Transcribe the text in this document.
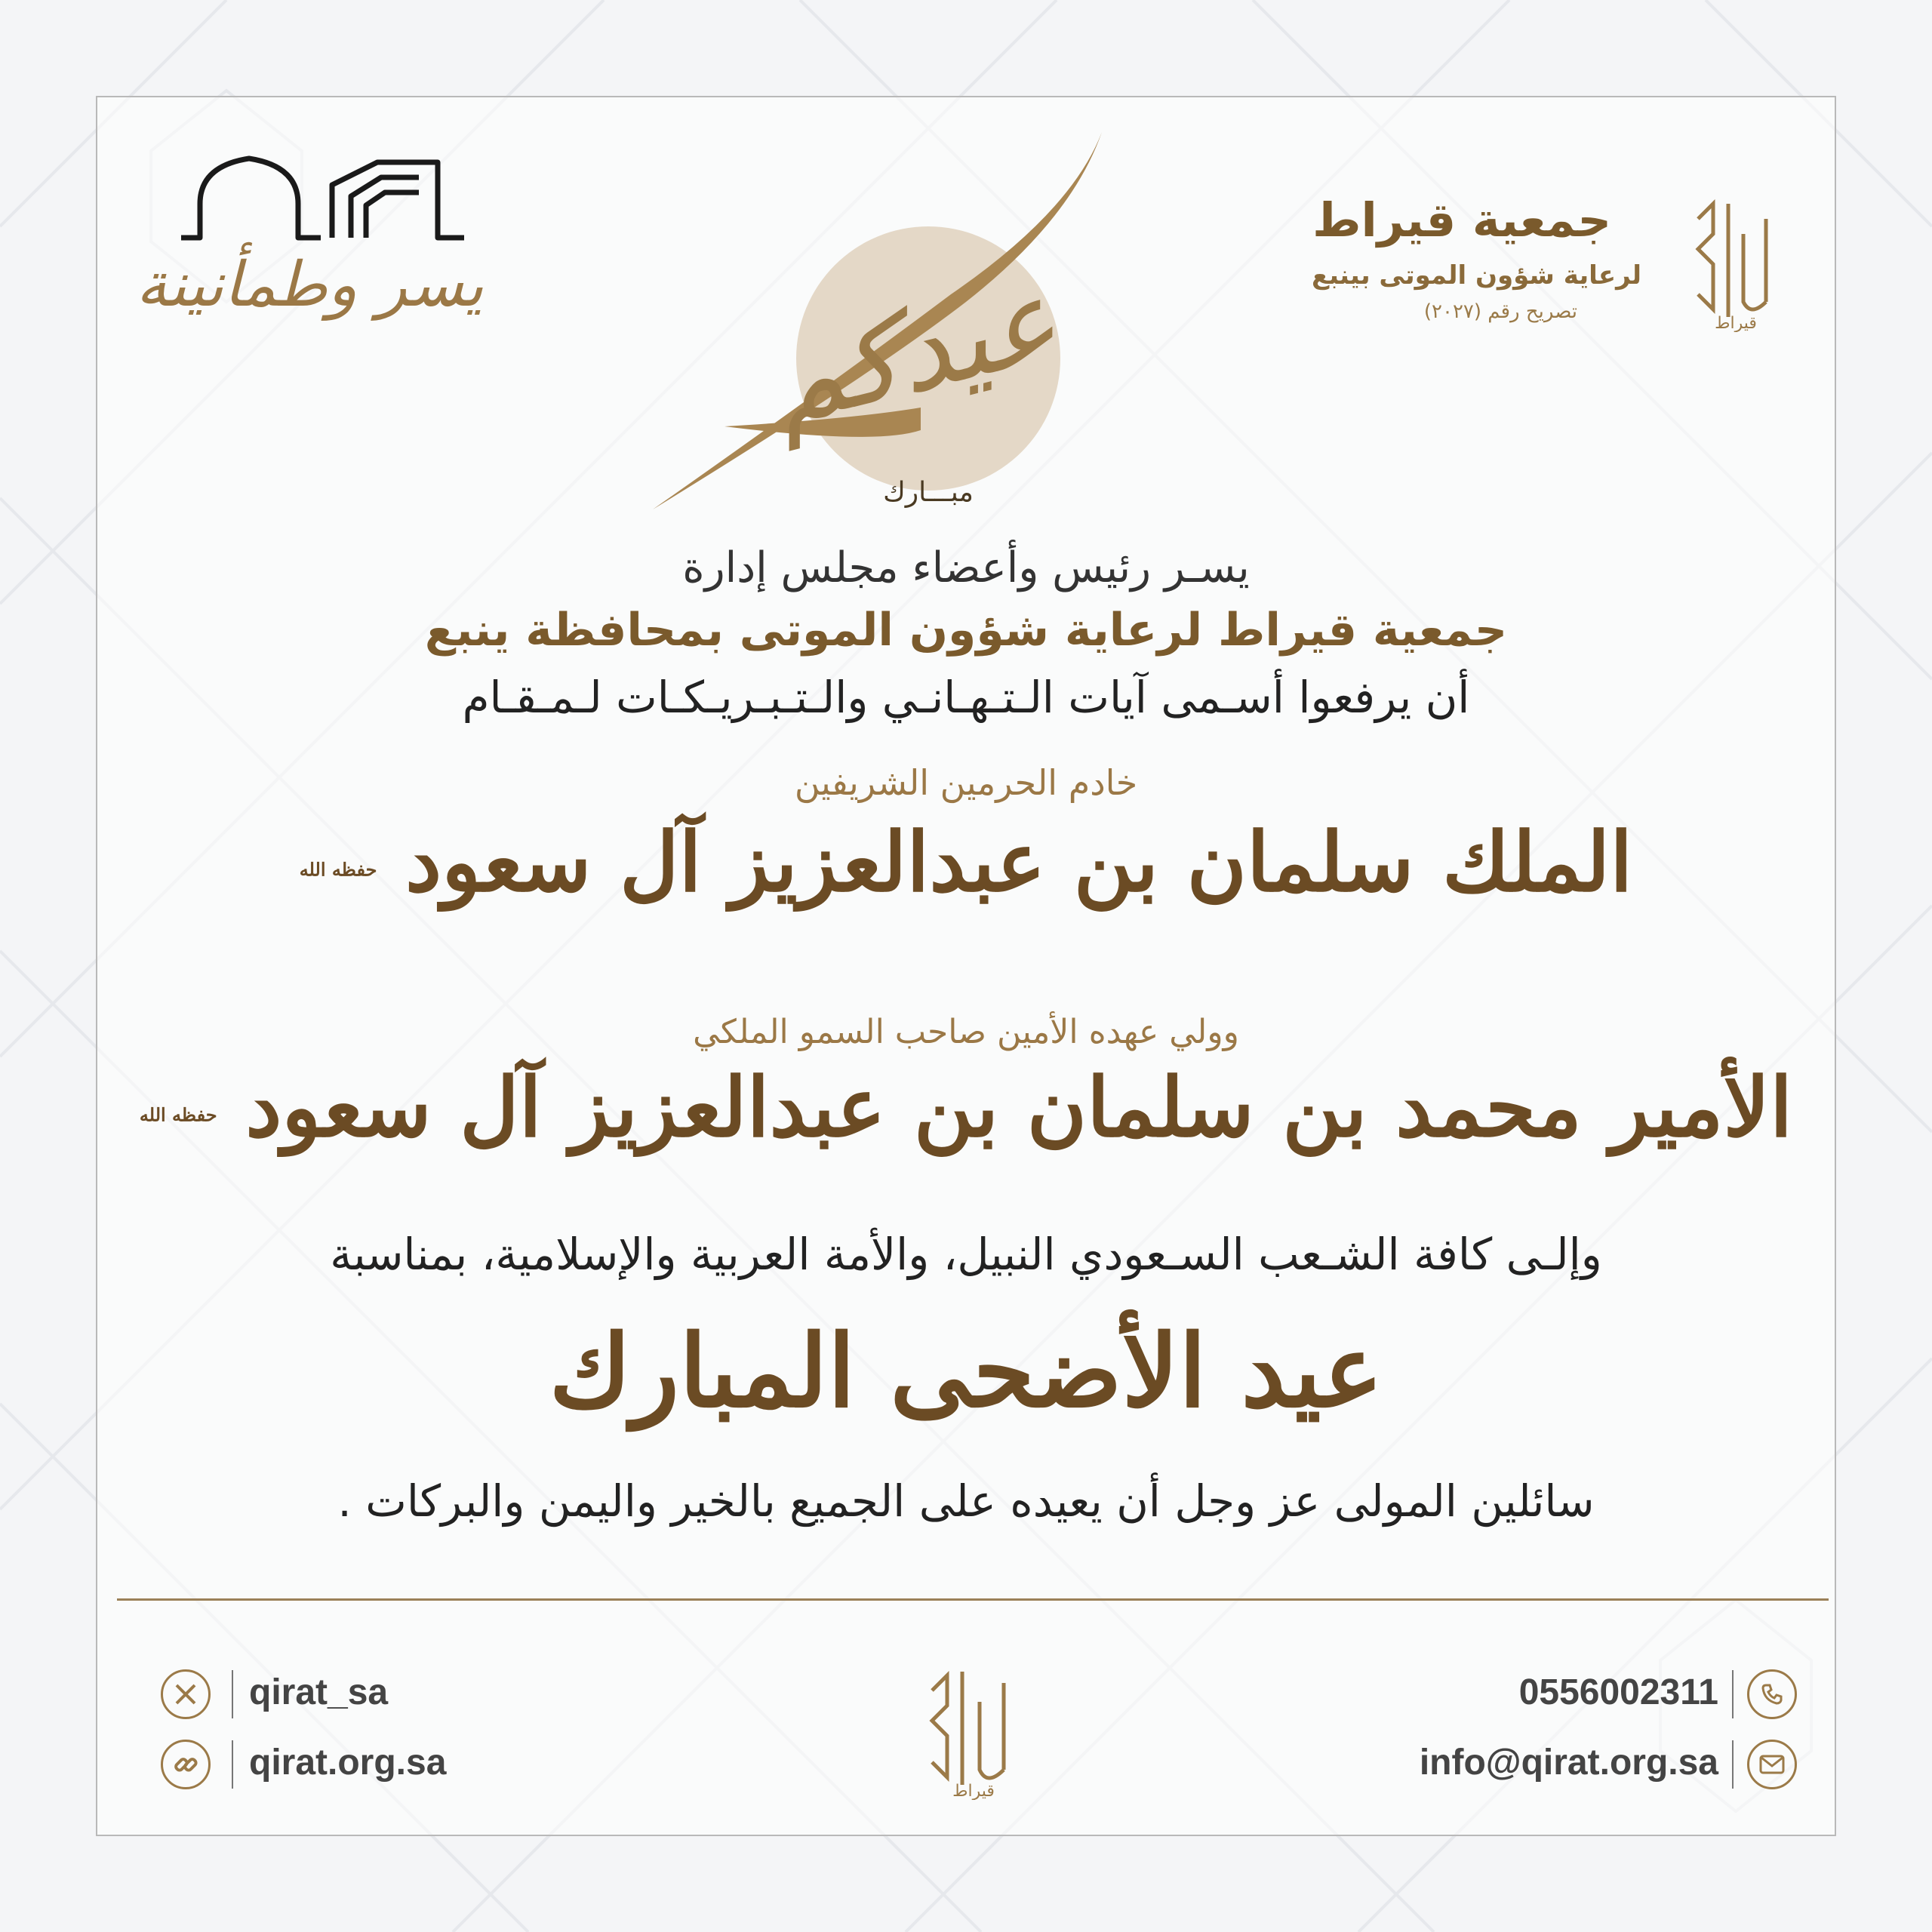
قيراط
جمعية قيراط
لرعاية شؤون الموتى بينبع
تصريح رقم (٢٠٢٧)
يسر وطمأنينة	عيدكم
مبـــارك
يسـر رئيس وأعضاء مجلس إدارة
جمعية قيراط لرعاية شؤون الموتى بمحافظة ينبع
أن يرفعوا أسـمى آيات الـتـهـانـي والـتـبـريـكـات لـمـقـام
خادم الحرمين الشريفين
الملك سلمان بن عبدالعزيز آل سعود حفظه الله
وولي عهده الأمين صاحب السمو الملكي
الأمير محمد بن سلمان بن عبدالعزيز آل سعود حفظه الله
وإلـى كافة الشـعب السـعودي النبيل، والأمة العربية والإسلامية، بمناسبة
عيد الأضحى المبارك
سائلين المولى عز وجل أن يعيده على الجميع بالخير واليمن والبركات .
qirat_sa
qirat.org.sa
قيراط
0556002311
info@qirat.org.sa
